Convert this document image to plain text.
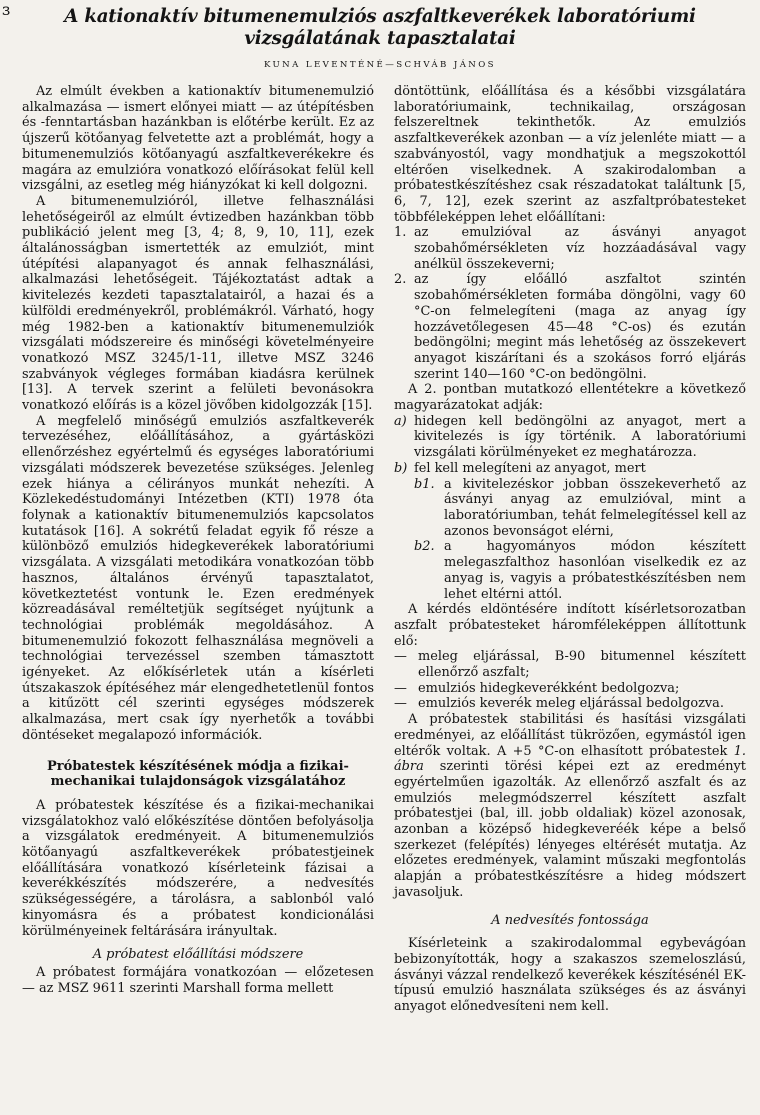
ɜ	A kationaktív bitumenemulziós aszfaltkeverékek laboratóriumi vizsgálatának tapasztalatai
KUNA LEVENTÉNÉ—SCHVÁB JÁNOS

Az elmúlt években a kationaktív bitumenemulzió alkalmazása — ismert előnyei miatt — az útépítésben és -fenntartásban hazánkban is előtérbe került. Ez az újszerű kötőanyag felvetette azt a problémát, hogy a bitumenemulziós kötőanyagú aszfaltkeverékekre és magára az emulzióra vonatkozó előírásokat felül kell vizsgálni, az esetleg még hiányzókat ki kell dolgozni.

A bitumenemulzióról, illetve felhasználási lehetőségeiről az elmúlt évtizedben hazánkban több publikáció jelent meg [3, 4; 8, 9, 10, 11], ezek általánosságban ismertették az emulziót, mint útépítési alapanyagot és annak felhasználási, alkalmazási lehetőségeit. Tájékoztatást adtak a kivitelezés kezdeti tapasztalatairól, a hazai és a külföldi eredményekről, problémákról. Várható, hogy még 1982-ben a kationaktív bitumenemulziók vizsgálati módszereire és minőségi követelményeire vonatkozó MSZ 3245/1-11, illetve MSZ 3246 szabványok végleges formában kiadásra kerülnek [13]. A tervek szerint a felületi bevonásokra vonatkozó előírás is a közel jövőben kidolgozzák [15].

A megfelelő minőségű emulziós aszfaltkeverék tervezéséhez, előállításához, a gyártásközi ellenőrzéshez egyértelmű és egységes laboratóriumi vizsgálati módszerek bevezetése szükséges. Jelenleg ezek hiánya a célirányos munkát nehezíti. A Közlekedéstudományi Intézetben (KTI) 1978 óta folynak a kationaktív bitumenemulziós kapcsolatos kutatások [16]. A sokrétű feladat egyik fő része a különböző emulziós hidegkeverékek laboratóriumi vizsgálata. A vizsgálati metodikára vonatkozóan több hasznos, általános érvényű tapasztalatot, következtetést vontunk le. Ezen eredmények közreadásával reméltetjük segítséget nyújtunk a technológiai problémák megoldásához. A bitumenemulzió fokozott felhasználása megnöveli a technológiai tervezéssel szemben támasztott igényeket. Az előkísérletek után a kísérleti útszakaszok építéséhez már elengedhetetlenül fontos a kitűzött cél szerinti egységes módszerek alkalmazása, mert csak így nyerhetők a további döntéseket megalapozó információk.

Próbatestek készítésének módja a fizikai-mechanikai tulajdonságok vizsgálatához

A próbatestek készítése és a fizikai-mechanikai vizsgálatokhoz való előkészítése döntően befolyásolja a vizsgálatok eredményeit. A bitumenemulziós kötőanyagú aszfaltkeverékek próbatestjeinek előállítására vonatkozó kísérleteink fázisai a keverékkészítés módszerére, a nedvesítés szükségességére, a tárolásra, a sablonból való kinyomásra és a próbatest kondicionálási körülményeinek feltárására irányultak.

A próbatest előállítási módszere

A próbatest formájára vonatkozóan — előzetesen — az MSZ 9611 szerinti Marshall forma mellett

döntöttünk, előállítása és a későbbi vizsgálatára laboratóriumaink, technikailag, országosan felszereltnek tekinthetők. Az emulziós aszfaltkeverékek azonban — a víz jelenléte miatt — a szabványostól, vagy mondhatjuk a megszokottól eltérően viselkednek. A szakirodalomban a próbatestkészítéshez csak részadatokat találtunk [5, 6, 7, 12], ezek szerint az aszfaltpróbatesteket többféleképpen lehet előállítani:

1. az emulzióval az ásványi anyagot szobahőmérsékleten víz hozzáadásával vagy anélkül összekeverni;
2. az így előálló aszfaltot szintén szobahőmérsékleten formába döngölni, vagy 60 °C-on felmelegíteni (maga az anyag így hozzávetőlegesen 45—48 °C-os) és ezután bedöngölni; megint más lehetőség az összekevert anyagot kiszárítani és a szokásos forró eljárás szerint 140—160 °C-on bedöngölni.

A 2. pontban mutatkozó ellentétekre a következő magyarázatokat adják:

a) hidegen kell bedöngölni az anyagot, mert a kivitelezés is így történik. A laboratóriumi vizsgálati körülményeket ez meghatározza.
b) fel kell melegíteni az anyagot, mert
b1. a kivitelezéskor jobban összekeverhető az ásványi anyag az emulzióval, mint a laboratóriumban, tehát felmelegítéssel kell az azonos bevonságot elérni,
b2. a hagyományos módon készített melegaszfalthoz hasonlóan viselkedik ez az anyag is, vagyis a próbatestkészítésben nem lehet eltérni attól.

A kérdés eldöntésére indított kísérletsorozatban aszfalt próbatesteket háromféleképpen állítottunk elő:

— meleg eljárással, B-90 bitumennel készített ellenőrző aszfalt;
— emulziós hidegkeverékként bedolgozva;
— emulziós keverék meleg eljárással bedolgozva.

A próbatestek stabilitási és hasítási vizsgálati eredményei, az előállítást tükrözően, egymástól igen eltérők voltak. A +5 °C-on elhasított próbatestek 1. ábra szerinti törési képei ezt az eredményt egyértelműen igazolták. Az ellenőrző aszfalt és az emulziós melegmódszerrel készített aszfalt próbatestjei (bal, ill. jobb oldaliak) közel azonosak, azonban a középső hidegkeveréék képe a belső szerkezet (felépítés) lényeges eltérését mutatja. Az előzetes eredmények, valamint műszaki megfontolás alapján a próbatestkészítésre a hideg módszert javasoljuk.

A nedvesítés fontossága

Kísérleteink a szakirodalommal egybevágóan bebizonyították, hogy a szakaszos szemeloszlású, ásványi vázzal rendelkező keverékek készítésénél EK-típusú emulzió használata szükséges és az ásványi anyagot előnedvesíteni nem kell.
